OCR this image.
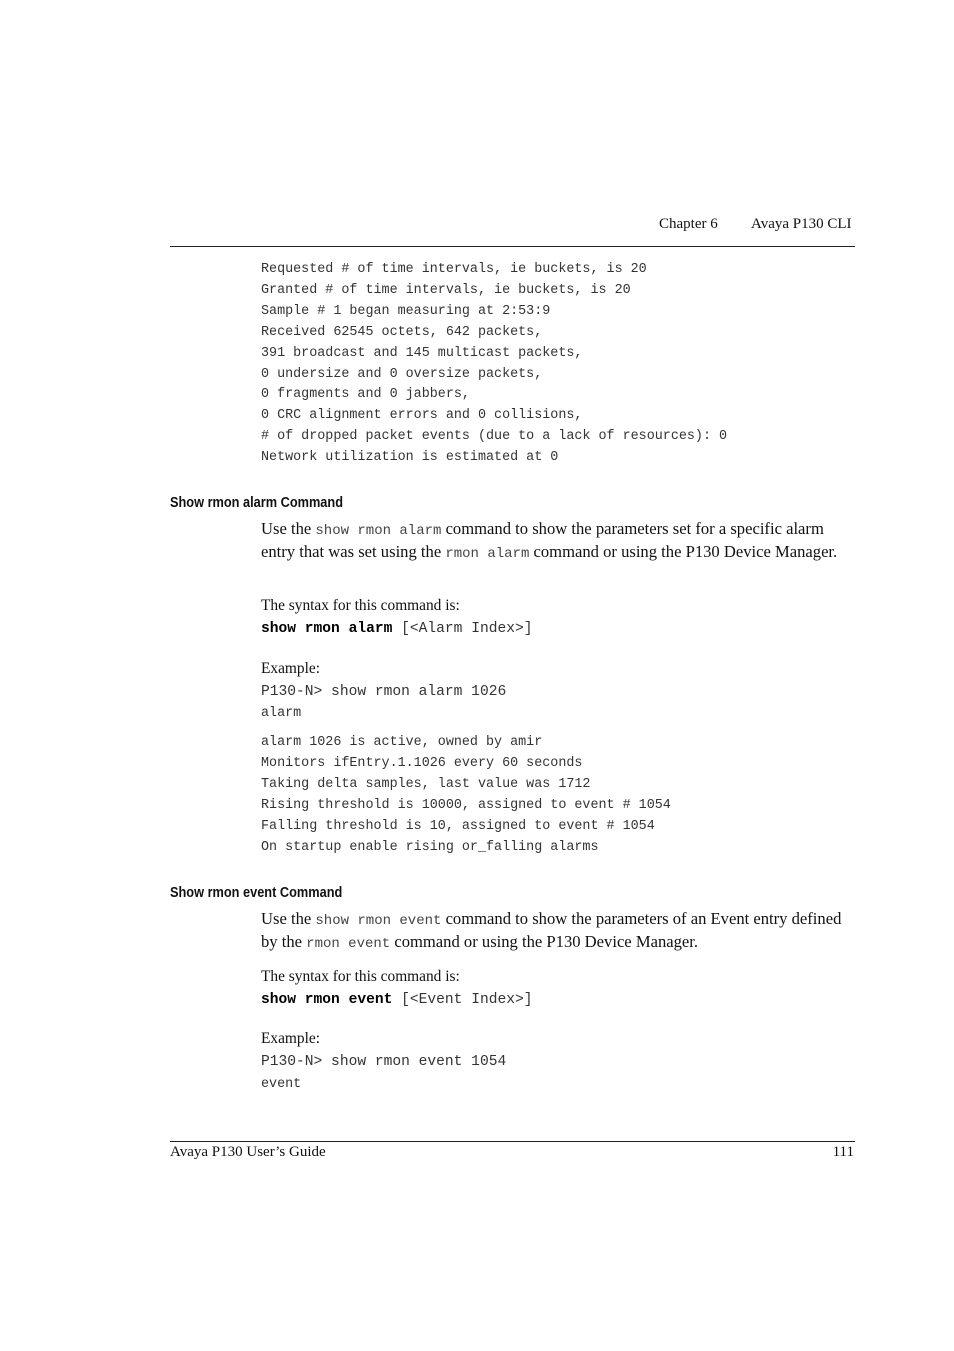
Chapter 6 Avaya P130 CLI
Requested # of time intervals, ie buckets, is 20
Granted # of time intervals, ie buckets, is 20
Sample # 1 began measuring at 2:53:9
Received 62545 octets, 642 packets,
391 broadcast and 145 multicast packets,
0 undersize and 0 oversize packets,
0 fragments and 0 jabbers,
0 CRC alignment errors and 0 collisions,
# of dropped packet events (due to a lack of resources): 0
Network utilization is estimated at 0
Show rmon alarm Command
Use the show rmon alarm command to show the parameters set for a specific alarm entry that was set using the rmon alarm command or using the P130 Device Manager.
The syntax for this command is:
show rmon alarm [<Alarm Index>]
Example:
P130-N> show rmon alarm 1026
alarm
alarm 1026 is active, owned by amir
Monitors ifEntry.1.1026 every 60 seconds
Taking delta samples, last value was 1712
Rising threshold is 10000, assigned to event # 1054
Falling threshold is 10, assigned to event # 1054
On startup enable rising or_falling alarms
Show rmon event Command
Use the show rmon event command to show the parameters of an Event entry defined by the rmon event command or using the P130 Device Manager.
The syntax for this command is:
show rmon event [<Event Index>]
Example:
P130-N> show rmon event 1054
event
Avaya P130 User’s Guide	111
